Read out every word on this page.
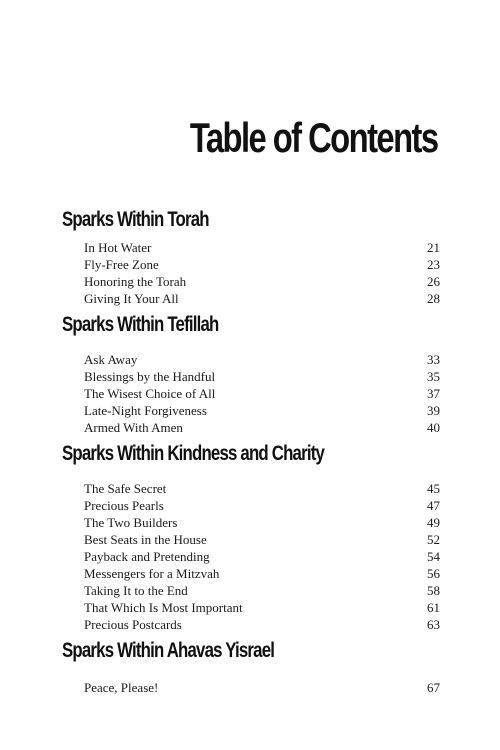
Table of Contents
Sparks Within Torah
In Hot Water	21
Fly-Free Zone	23
Honoring the Torah	26
Giving It Your All	28
Sparks Within Tefillah
Ask Away	33
Blessings by the Handful	35
The Wisest Choice of All	37
Late-Night Forgiveness	39
Armed With Amen	40
Sparks Within Kindness and Charity
The Safe Secret	45
Precious Pearls	47
The Two Builders	49
Best Seats in the House	52
Payback and Pretending	54
Messengers for a Mitzvah	56
Taking It to the End	58
That Which Is Most Important	61
Precious Postcards	63
Sparks Within Ahavas Yisrael
Peace, Please!	67
